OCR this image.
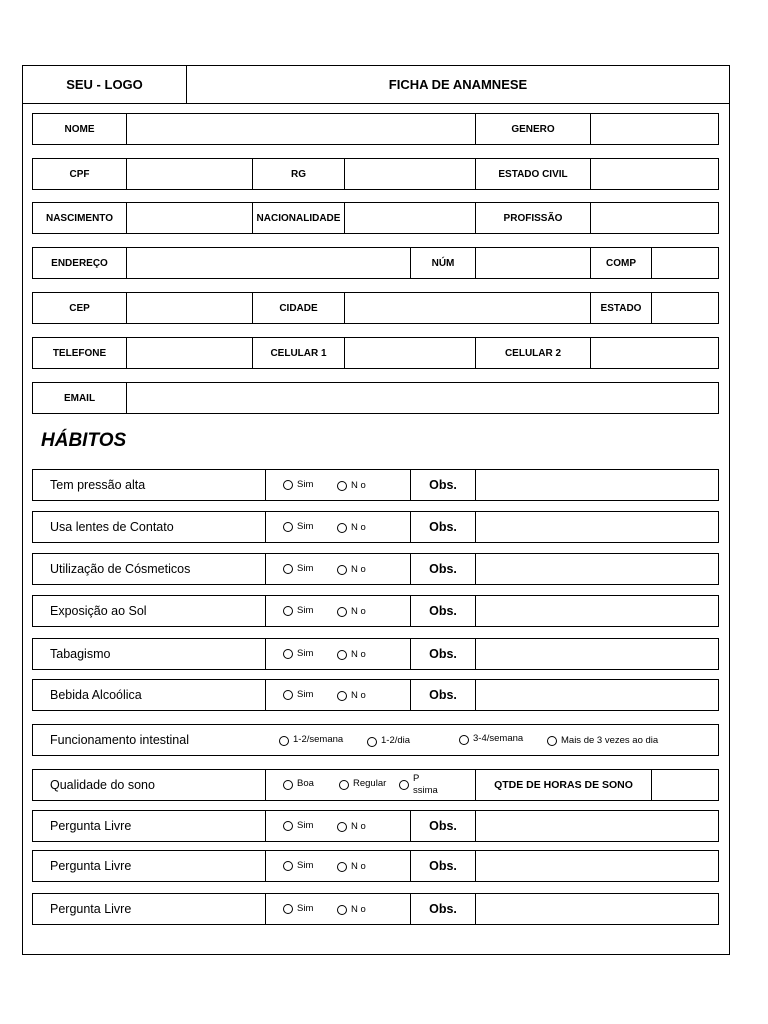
SEU - LOGO	FICHA DE ANAMNESE
NOME	GENERO
CPF	RG	ESTADO CIVIL
NASCIMENTO	NACIONALIDADE	PROFISSÃO
ENDEREÇO	NÚM	COMP
CEP	CIDADE	ESTADO
TELEFONE	CELULAR 1	CELULAR 2
EMAIL
HÁBITOS
Tem pressão alta	Sim	N o	Obs.
Usa lentes de Contato	Sim	N o	Obs.
Utilização de Cósmeticos	Sim	N o	Obs.
Exposição ao Sol	Sim	N o	Obs.
Tabagismo	Sim	N o	Obs.
Bebida Alcoólica	Sim	N o	Obs.
Funcionamento intestinal	1-2/semana	1-2/dia	3-4/semana	Mais de 3 vezes ao dia
Qualidade do sono	Boa	Regular	P ssima	QTDE DE HORAS DE SONO
Pergunta Livre	Sim	N o	Obs.
Pergunta Livre	Sim	N o	Obs.
Pergunta Livre	Sim	N o	Obs.
